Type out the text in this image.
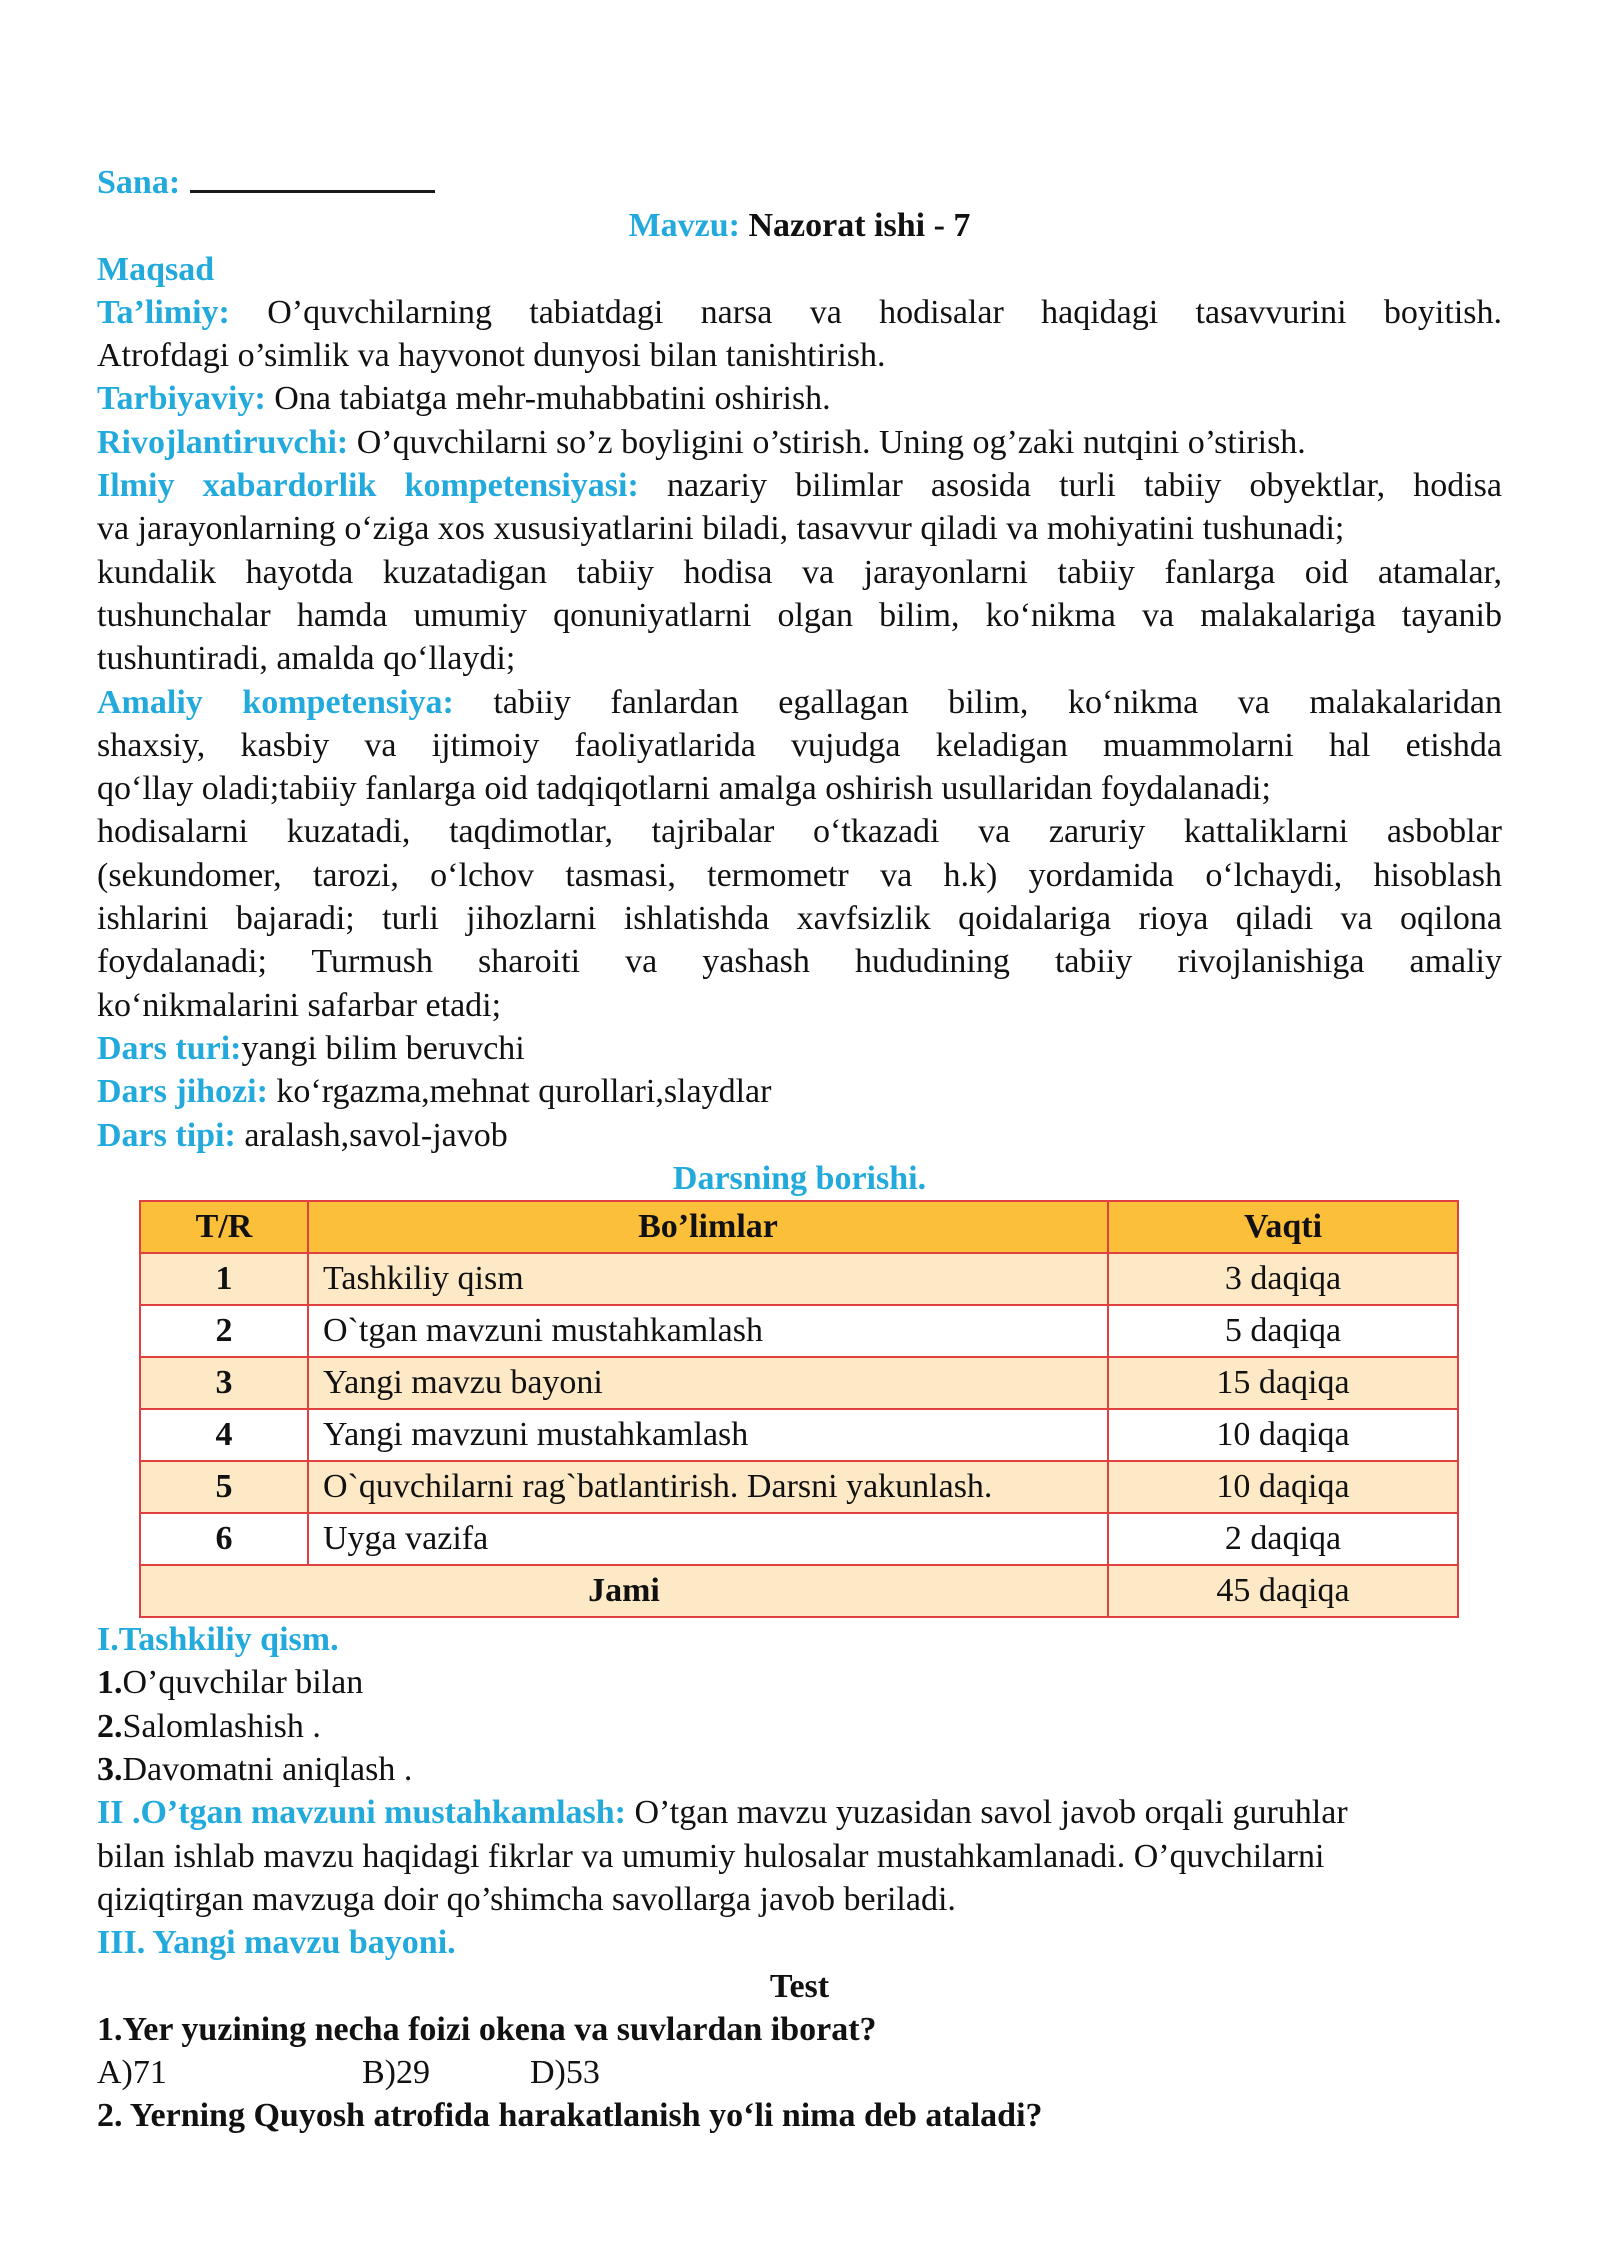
Sana:
Mavzu: Nazorat ishi - 7
Maqsad
Ta’limiy: O’quvchilarning tabiatdagi narsa va hodisalar haqidagi tasavvurini boyitish.
Atrofdagi o’simlik va hayvonot dunyosi bilan tanishtirish.
Tarbiyaviy: Ona tabiatga mehr-muhabbatini oshirish.
Rivojlantiruvchi: O’quvchilarni so’z boyligini o’stirish. Uning og’zaki nutqini o’stirish.
Ilmiy xabardorlik kompetensiyasi: nazariy bilimlar asosida turli tabiiy obyektlar, hodisa
va jarayonlarning o‘ziga xos xususiyatlarini biladi, tasavvur qiladi va mohiyatini tushunadi;
kundalik hayotda kuzatadigan tabiiy hodisa va jarayonlarni tabiiy fanlarga oid atamalar,
tushunchalar hamda umumiy qonuniyatlarni olgan bilim, ko‘nikma va malakalariga tayanib
tushuntiradi, amalda qo‘llaydi;
Amaliy kompetensiya: tabiiy fanlardan egallagan bilim, ko‘nikma va malakalaridan
shaxsiy, kasbiy va ijtimoiy faoliyatlarida vujudga keladigan muammolarni hal etishda
qo‘llay oladi;tabiiy fanlarga oid tadqiqotlarni amalga oshirish usullaridan foydalanadi;
hodisalarni kuzatadi, taqdimotlar, tajribalar o‘tkazadi va zaruriy kattaliklarni asboblar
(sekundomer, tarozi, o‘lchov tasmasi, termometr va h.k) yordamida o‘lchaydi, hisoblash
ishlarini bajaradi; turli jihozlarni ishlatishda xavfsizlik qoidalariga rioya qiladi va oqilona
foydalanadi; Turmush sharoiti va yashash hududining tabiiy rivojlanishiga amaliy
ko‘nikmalarini safarbar etadi;
Dars turi:yangi bilim beruvchi
Dars jihozi: ko‘rgazma,mehnat qurollari,slaydlar
Dars tipi: aralash,savol-javob
Darsning borishi.
T/R	Bo’limlar	Vaqti
1	Tashkiliy qism	3 daqiqa
2	O`tgan mavzuni mustahkamlash	5 daqiqa
3	Yangi mavzu bayoni	15 daqiqa
4	Yangi mavzuni mustahkamlash	10 daqiqa
5	O`quvchilarni rag`batlantirish. Darsni yakunlash.	10 daqiqa
6	Uyga vazifa	2 daqiqa
Jami		45 daqiqa
I.Tashkiliy qism.
1.O’quvchilar bilan
2.Salomlashish .
3.Davomatni aniqlash .
II .O’tgan mavzuni mustahkamlash: O’tgan mavzu yuzasidan savol javob orqali guruhlar
bilan ishlab mavzu haqidagi fikrlar va umumiy hulosalar mustahkamlanadi. O’quvchilarni
qiziqtirgan mavzuga doir qo’shimcha savollarga javob beriladi.
III. Yangi mavzu bayoni.
Test
1.Yer yuzining necha foizi okena va suvlardan iborat?
A)71	B)29	D)53
2. Yerning Quyosh atrofida harakatlanish yo‘li nima deb ataladi?
